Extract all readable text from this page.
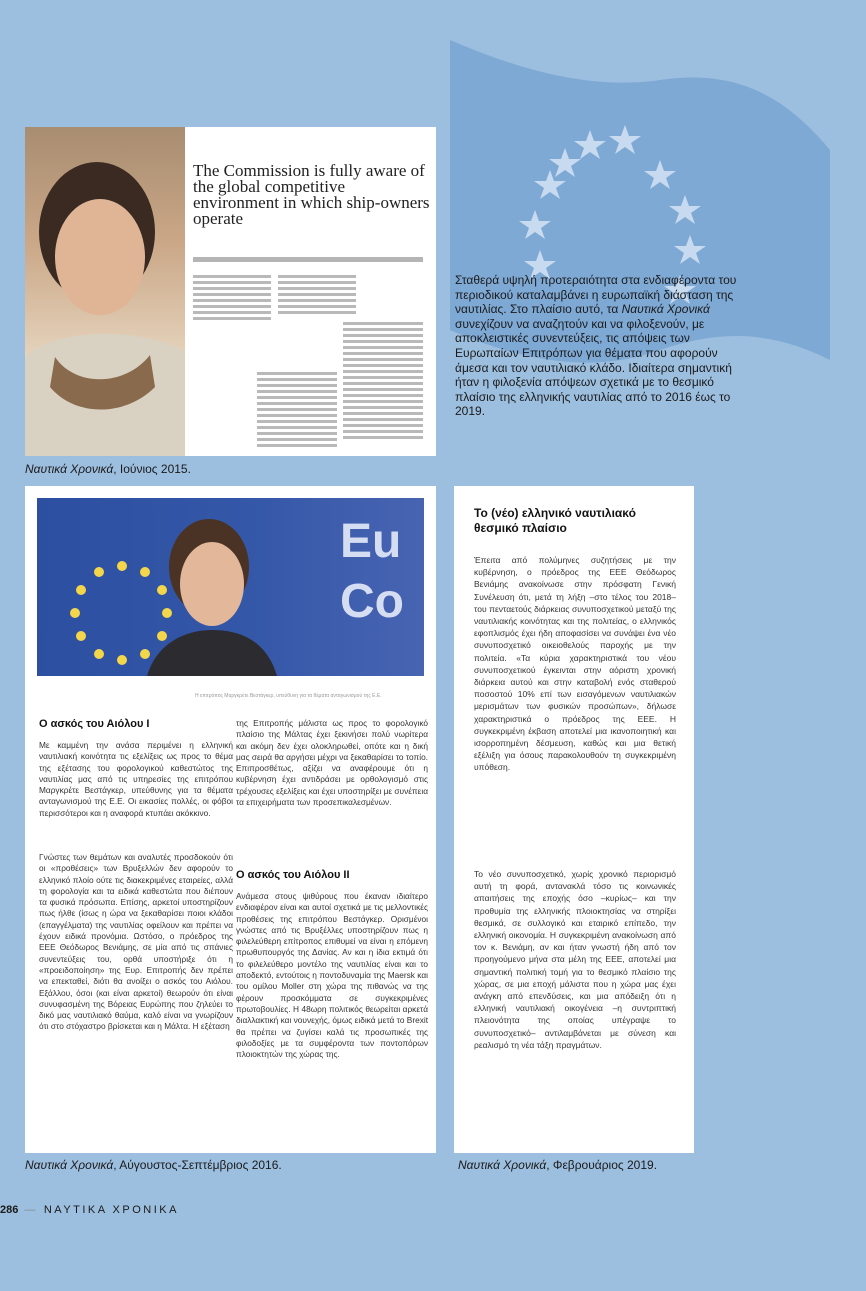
The Commission is fully aware of the global competitive environment in which ship-owners operate
Ναυτικά Χρονικά, Ιούνιος 2015.
Σταθερά υψηλή προτεραιότητα στα ενδιαφέροντα του περιοδικού καταλαμβάνει η ευρωπαϊκή διάσταση της ναυτιλίας. Στο πλαίσιο αυτό, τα Ναυτικά Χρονικά συνεχίζουν να αναζητούν και να φιλοξενούν, με αποκλειστικές συνεντεύξεις, τις απόψεις των Ευρωπαίων Επιτρόπων για θέματα που αφορούν άμεσα και τον ναυτιλιακό κλάδο. Ιδιαίτερα σημαντική ήταν η φιλοξενία απόψεων σχετικά με το θεσμικό πλαίσιο της ελληνικής ναυτιλίας από το 2016 έως το 2019.
Eu
Co
Η επιτρόπος Μαργκρέτε Βεστάγκερ, υπεύθυνη για τα θέματα ανταγωνισμού της Ε.Ε.
Ο ασκός του Αιόλου I
Με καμμένη την ανάσα περιμένει η ελληνική ναυτιλιακή κοινότητα τις εξελίξεις ως προς το θέμα της εξέτασης του φορολογικού καθεστώτος της ναυτιλίας μας από τις υπηρεσίες της επιτρόπου Μαργκρέτε Βεστάγκερ, υπεύθυνης για τα θέματα ανταγωνισμού της Ε.Ε. Οι εικασίες πολλές, οι φόβοι περισσότεροι και η αναφορά κτυπάει ακόκκινο.
Γνώστες των θεμάτων και αναλυτές προσδοκούν ότι οι «προθέσεις» των Βρυξελλών δεν αφορούν το ελληνικό πλοίο ούτε τις διακεκριμένες εταιρείες, αλλά τη φορολογία και τα ειδικά καθεστώτα που διέπουν τα φυσικά πρόσωπα. Επίσης, αρκετοί υποστηρίζουν πως ήλθε (ίσως η ώρα να ξεκαθαρίσει ποιοι κλάδοι (επαγγέλματα) της ναυτιλίας οφείλουν και πρέπει να έχουν ειδικά προνόμια. Ωστόσο, ο πρόεδρος της ΕΕΕ Θεόδωρος Βενιάμης, σε μία από τις σπάνιες συνεντεύξεις του, ορθά υποστήριξε ότι η «προειδοποίηση» της Ευρ. Επιτροπής δεν πρέπει να επεκταθεί, διότι θα ανοίξει ο ασκός του Αιόλου. Εξάλλου, όσοι (και είναι αρκετοί) θεωρούν ότι είναι συνυφασμένη της Βόρειας Ευρώπης που ζηλεύει το δικό μας ναυτιλιακό θαύμα, καλό είναι να γνωρίζουν ότι στο στόχαστρο βρίσκεται και η Μάλτα. Η εξέταση
της Επιτροπής μάλιστα ως προς το φορολογικό πλαίσιο της Μάλτας έχει ξεκινήσει πολύ νωρίτερα και ακόμη δεν έχει ολοκληρωθεί, οπότε και η δική μας σειρά θα αργήσει μέχρι να ξεκαθαρίσει το τοπίο. Επιπροσθέτως, αξίζει να αναφέρουμε ότι η κυβέρνηση έχει αντιδράσει με ορθολογισμό στις τρέχουσες εξελίξεις και έχει υποστηρίξει με συνέπεια τα επιχειρήματα των προσεπικαλεσμένων.
Ο ασκός του Αιόλου II
Ανάμεσα στους ψιθύρους που έκαναν ιδιαίτερο ενδιαφέρον είναι και αυτοί σχετικά με τις μελλοντικές προθέσεις της επιτρόπου Βεστάγκερ. Ορισμένοι γνώστες από τις Βρυξέλλες υποστηρίζουν πως η φιλελεύθερη επίτροπος επιθυμεί να είναι η επόμενη πρωθυπουργός της Δανίας. Αν και η ίδια εκτιμά ότι το φιλελεύθερο μοντέλο της ναυτιλίας είναι και το αποδεκτό, εντούτοις η ποντοδυναμία της Maersk και του ομίλου Moller στη χώρα της πιθανώς να της φέρουν προσκόμματα σε συγκεκριμένες πρωτοβουλίες. Η 48ωρη πολιτικός θεωρείται αρκετά διαλλακτική και νουνεχής, όμως ειδικά μετά το Brexit θα πρέπει να ζυγίσει καλά τις προσωπικές της φιλοδοξίες με τα συμφέροντα των ποντοπόρων πλοιοκτητών της χώρας της.
Ναυτικά Χρονικά, Αύγουστος-Σεπτέμβριος 2016.
Το (νέο) ελληνικό ναυτιλιακό θεσμικό πλαίσιο
Έπειτα από πολύμηνες συζητήσεις με την κυβέρνηση, ο πρόεδρος της ΕΕΕ Θεόδωρος Βενιάμης ανακοίνωσε στην πρόσφατη Γενική Συνέλευση ότι, μετά τη λήξη –στο τέλος του 2018– του πενταετούς διάρκειας συνυποσχετικού μεταξύ της ναυτιλιακής κοινότητας και της πολιτείας, ο ελληνικός εφοπλισμός έχει ήδη αποφασίσει να συνάψει ένα νέο συνυποσχετικό οικειοθελούς παροχής με την πολιτεία. «Τα κύρια χαρακτηριστικά του νέου συνυποσχετικού έγκεινται στην αόριστη χρονική διάρκεια αυτού και στην καταβολή ενός σταθερού ποσοστού 10% επί των εισαγόμενων ναυτιλιακών μερισμάτων των φυσικών προσώπων», δήλωσε χαρακτηριστικά ο πρόεδρος της ΕΕΕ. Η συγκεκριμένη έκβαση αποτελεί μια ικανοποιητική και ισορροπημένη δέσμευση, καθώς και μια θετική εξέλιξη για όσους παρακολουθούν τη συγκεκριμένη υπόθεση.
Το νέο συνυποσχετικό, χωρίς χρονικό περιορισμό αυτή τη φορά, αντανακλά τόσο τις κοινωνικές απαιτήσεις της εποχής όσο –κυρίως– και την προθυμία της ελληνικής πλοιοκτησίας να στηρίξει θεσμικά, σε συλλογικό και εταιρικό επίπεδο, την ελληνική οικονομία. Η συγκεκριμένη ανακοίνωση από τον κ. Βενιάμη, αν και ήταν γνωστή ήδη από τον προηγούμενο μήνα στα μέλη της ΕΕΕ, αποτελεί μια σημαντική πολιτική τομή για το θεσμικό πλαίσιο της χώρας, σε μια εποχή μάλιστα που η χώρα μας έχει ανάγκη από επενδύσεις, και μια απόδειξη ότι η ελληνική ναυτιλιακή οικογένεια –η συντριπτική πλειονότητα της οποίας υπέγραψε το συνυποσχετικό– αντιλαμβάνεται με σύνεση και ρεαλισμό τη νέα τάξη πραγμάτων.
Ναυτικά Χρονικά, Φεβρουάριος 2019.
286 — ΝΑΥΤΙΚΑ ΧΡΟΝΙΚΑ
